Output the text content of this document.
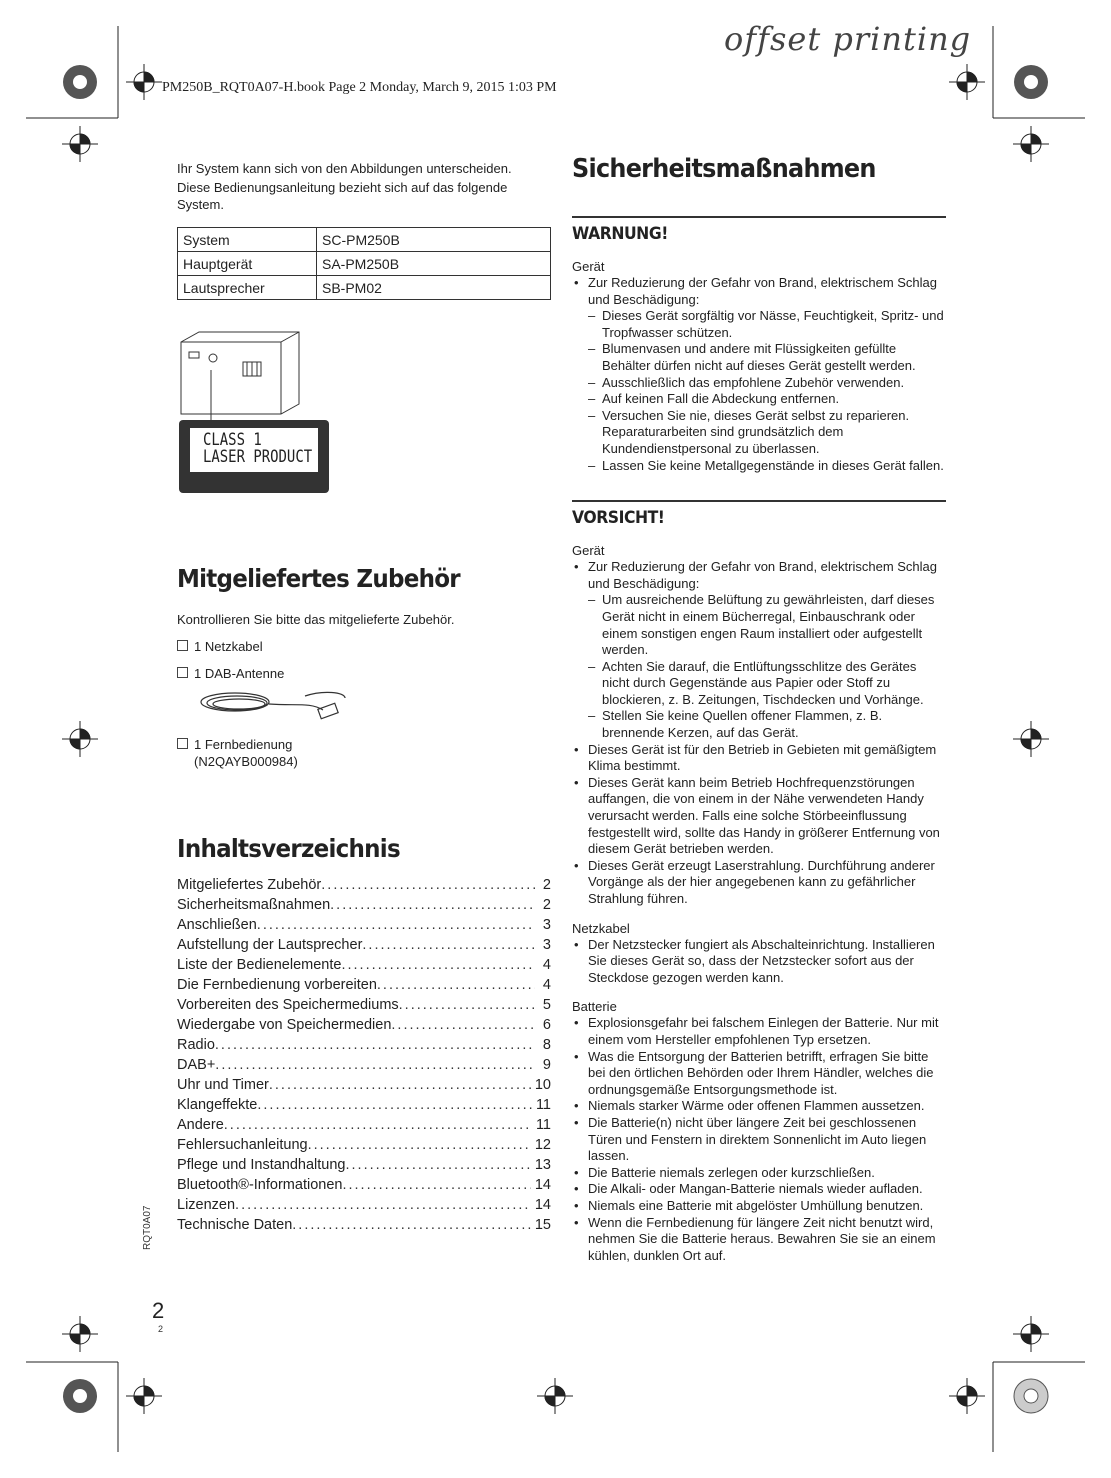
offset printing
PM250B_RQT0A07-H.book Page 2 Monday, March 9, 2015 1:03 PM

Ihr System kann sich von den Abbildungen unterscheiden.

Diese Bedienungsanleitung bezieht sich auf das folgende System.

System	SC-PM250B
Hauptgerät	SA-PM250B
Lautsprecher	SB-PM02
CLASS 1
LASER PRODUCT
Mitgeliefertes Zubehör

Kontrollieren Sie bitte das mitgelieferte Zubehör.

1 Netzkabel

1 DAB-Antenne

1 Fernbedienung

(N2QAYB000984)

Inhaltsverzeichnis
Mitgeliefertes Zubehör .....	2
Sicherheitsmaßnahmen .....	2
Anschließen .....	3
Aufstellung der Lautsprecher .....	3
Liste der Bedienelemente .....	4
Die Fernbedienung vorbereiten .....	4
Vorbereiten des Speichermediums .....	5
Wiedergabe von Speichermedien .....	6
Radio .....	8
DAB+ .....	9
Uhr und Timer .....	10
Klangeffekte .....	11
Andere .....	11
Fehlersuchanleitung .....	12
Pflege und Instandhaltung .....	13
Bluetooth®-Informationen .....	14
Lizenzen .....	14
Technische Daten .....	15
Sicherheitsmaßnahmen
WARNUNG!

Gerät

• Zur Reduzierung der Gefahr von Brand, elektrischem Schlag und Beschädigung:
– Dieses Gerät sorgfältig vor Nässe, Feuchtigkeit, Spritz- und Tropfwasser schützen.
– Blumenvasen und andere mit Flüssigkeiten gefüllte Behälter dürfen nicht auf dieses Gerät gestellt werden.
– Ausschließlich das empfohlene Zubehör verwenden.
– Auf keinen Fall die Abdeckung entfernen.
– Versuchen Sie nie, dieses Gerät selbst zu reparieren. Reparaturarbeiten sind grundsätzlich dem Kundendienstpersonal zu überlassen.
– Lassen Sie keine Metallgegenstände in dieses Gerät fallen.
VORSICHT!

Gerät

• Zur Reduzierung der Gefahr von Brand, elektrischem Schlag und Beschädigung:
– Um ausreichende Belüftung zu gewährleisten, darf dieses Gerät nicht in einem Bücherregal, Einbauschrank oder einem sonstigen engen Raum installiert oder aufgestellt werden.
– Achten Sie darauf, die Entlüftungsschlitze des Gerätes nicht durch Gegenstände aus Papier oder Stoff zu blockieren, z. B. Zeitungen, Tischdecken und Vorhänge.
– Stellen Sie keine Quellen offener Flammen, z. B. brennende Kerzen, auf das Gerät.
• Dieses Gerät ist für den Betrieb in Gebieten mit gemäßigtem Klima bestimmt.
• Dieses Gerät kann beim Betrieb Hochfrequenzstörungen auffangen, die von einem in der Nähe verwendeten Handy verursacht werden. Falls eine solche Störbeeinflussung festgestellt wird, sollte das Handy in größerer Entfernung von diesem Gerät betrieben werden.
• Dieses Gerät erzeugt Laserstrahlung. Durchführung anderer Vorgänge als der hier angegebenen kann zu gefährlicher Strahlung führen.

Netzkabel

• Der Netzstecker fungiert als Abschalteinrichtung. Installieren Sie dieses Gerät so, dass der Netzstecker sofort aus der Steckdose gezogen werden kann.

Batterie

• Explosionsgefahr bei falschem Einlegen der Batterie. Nur mit einem vom Hersteller empfohlenen Typ ersetzen.
• Was die Entsorgung der Batterien betrifft, erfragen Sie bitte bei den örtlichen Behörden oder Ihrem Händler, welches die ordnungsgemäße Entsorgungsmethode ist.
• Niemals starker Wärme oder offenen Flammen aussetzen.
• Die Batterie(n) nicht über längere Zeit bei geschlossenen Türen und Fenstern in direktem Sonnenlicht im Auto liegen lassen.
• Die Batterie niemals zerlegen oder kurzschließen.
• Die Alkali- oder Mangan-Batterie niemals wieder aufladen.
• Niemals eine Batterie mit abgelöster Umhüllung benutzen.
• Wenn die Fernbedienung für längere Zeit nicht benutzt wird, nehmen Sie die Batterie heraus. Bewahren Sie sie an einem kühlen, dunklen Ort auf.
RQT0A07
2
2
